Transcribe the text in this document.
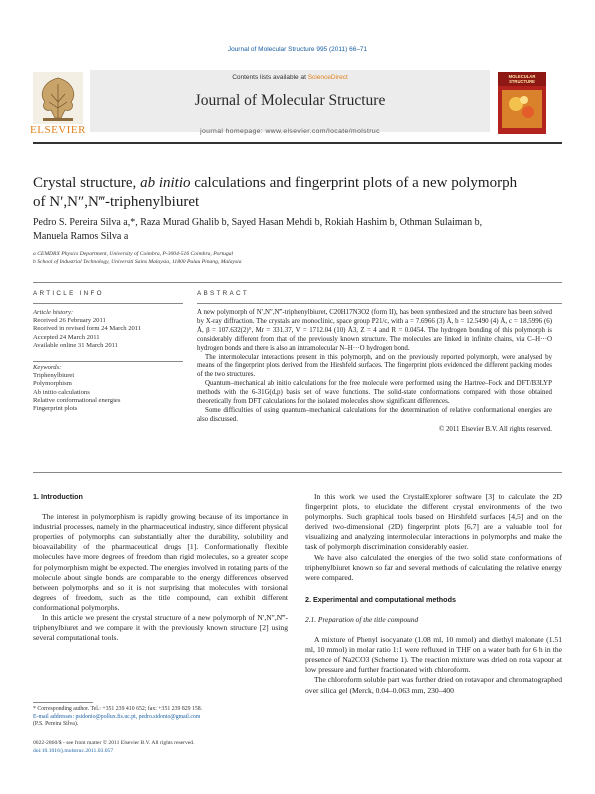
Journal of Molecular Structure 995 (2011) 66–71
ELSEVIER
Contents lists available at ScienceDirect
Journal of Molecular Structure
MOLECULAR STRUCTURE
journal homepage: www.elsevier.com/locate/molstruc
Crystal structure, ab initio calculations and fingerprint plots of a new polymorph
of N′,N″,N‴-triphenylbiuret
Pedro S. Pereira Silva a,*, Raza Murad Ghalib b, Sayed Hasan Mehdi b, Rokiah Hashim b, Othman Sulaiman b,
Manuela Ramos Silva a
a CEMDRX Physics Department, University of Coimbra, P-3004-516 Coimbra, Portugal
b School of Industrial Technology, Universiti Sains Malaysia, 11800 Pulau Pinang, Malaysia
ARTICLE INFO
Article history:
Received 26 February 2011
Received in revised form 24 March 2011
Accepted 24 March 2011
Available online 31 March 2011
Keywords:
Triphenylbiuret
Polymorphism
Ab initio calculations
Relative conformational energies
Fingerprint plots
ABSTRACT

A new polymorph of N′,N″,N‴-triphenylbiuret, C20H17N3O2 (form II), has been synthesized and the structure has been solved by X-ray diffraction. The crystals are monoclinic, space group P21/c, with a = 7.6966 (3) Å, b = 12.5490 (4) Å, c = 18.5996 (6) Å, β = 107.632(2)°, Mr = 331.37, V = 1712.04 (10) Å3, Z = 4 and R = 0.0454. The hydrogen bonding of this polymorph is considerably different from that of the previously known structure. The molecules are linked in infinite chains, via C–H···O hydrogen bonds and there is also an intramolecular N–H···O hydrogen bond.

The intermolecular interactions present in this polymorph, and on the previously reported polymorph, were analysed by means of the fingerprint plots derived from the Hirshfeld surfaces. The fingerprint plots evidenced the different packing modes of the two structures.

Quantum–mechanical ab initio calculations for the free molecule were performed using the Hartree–Fock and DFT/B3LYP methods with the 6-31G(d,p) basis set of wave functions. The solid-state conformations compared with those obtained theoretically from DFT calculations for the isolated molecules show significant differences.

Some difficulties of using quantum–mechanical calculations for the determination of relative conformational energies are also discussed.

© 2011 Elsevier B.V. All rights reserved.
1. Introduction

The interest in polymorphism is rapidly growing because of its importance in industrial processes, namely in the pharmaceutical industry, since different physical properties of polymorphs can substantially alter the durability, solubility and bioavailability of the pharmaceutical drugs [1]. Conformationally flexible molecules have more degrees of freedom than rigid molecules, so a greater scope for polymorphism might be expected. The energies involved in rotating parts of the molecule about single bonds are comparable to the energy differences observed between polymorphs and so it is not surprising that molecules with torsional degrees of freedom, such as the title compound, can exhibit different conformational polymorphs.

In this article we present the crystal structure of a new polymorph of N′,N″,N‴-triphenylbiuret and we compare it with the previously known structure [2] using several computational tools.

In this work we used the CrystalExplorer software [3] to calculate the 2D fingerprint plots, to elucidate the different crystal environments of the two polymorphs. Such graphical tools based on Hirshfeld surfaces [4,5] and on the derived two-dimensional (2D) fingerprint plots [6,7] are a valuable tool for visualizing and analyzing intermolecular interactions in polymorphs and make the task of polymorph discrimination considerably easier.

We have also calculated the energies of the two solid state conformations of triphenylbiuret known so far and several methods of calculating the relative energy were compared.

2. Experimental and computational methods
2.1. Preparation of the title compound

A mixture of Phenyl isocyanate (1.08 ml, 10 mmol) and diethyl malonate (1.51 ml, 10 mmol) in molar ratio 1:1 were refluxed in THF on a water bath for 6 h in the presence of Na2CO3 (Scheme 1). The reaction mixture was dried on rota vapour at low pressure and further fractionated with chloroform.

The chloroform soluble part was further dried on rotavapor and chromatographed over silica gel (Merck, 0.04–0.063 mm, 230–400

* Corresponding author. Tel.: +351 239 410 652; fax: +351 239 829 158.
E-mail addresses: psidonio@pollux.fis.uc.pt, pedro.sidonio@gmail.com
(P.S. Pereira Silva).
0022-2860/$ - see front matter © 2011 Elsevier B.V. All rights reserved.
doi:10.1016/j.molstruc.2011.03.057
